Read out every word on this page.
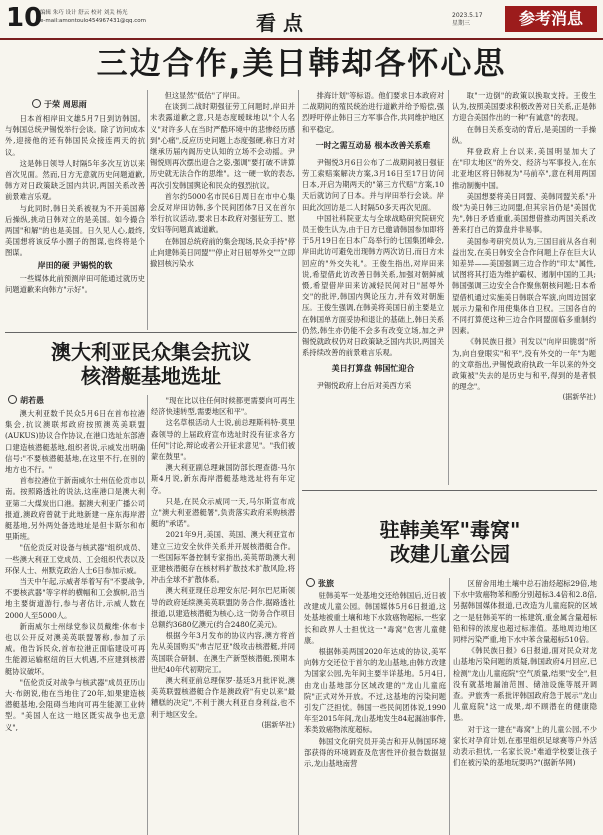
10
编辑 朱巧 设计 舒云 校对 刘关 杨光
e-mail:amontoulo454967431@qq.com	看点	2023.5.17
星期三	参考消息
三边合作,美日韩却各怀心思
于荣 周思雨

日本首相岸田文雄5月7日到访韩国。与韩国总统尹锡悦举行会谈。除了访问成本外,迎接他的还有韩国民众接连两天的抗议。

这是韩日领导人时隔5年多次互访以来首次见面。然而,日方无意就历史问题道歉,韩方对日政策缺乏国内共识,两国关系改善前景难言乐观。

与此同时,韩日关系被视为不开美国幕后操纵,挑动日韩对立的是美国。如今撮合两国"和解"的也是美国。日久见人心,最终,美国想将该反华小圈子的图谋,也终将是个图谋。

岸田的硬 尹锡悦的软

一些媒体此前预测岸田可能通过就历史问题道歉来向韩方"示好"。

但这显然"低估"了岸田。

在谈到二战时期强征劳工问题时,岸田并未表露道歉之意,只是态度暧昧地以"个人名义"对许多人在当时严酷环境中的悲惨经历感到"心痛",反应历史问题上态度强硬,称日方对继承历届内阁历史认知的立场不会动摇。尹锡悦则再次摆出迎合之姿,强调"要打破不讲算历史就无法合作的思维"。这一硬一软的表态,再次引发韩国舆论和民众的强烈抗议。

首尔约5000名市民6日周日在市中心集会反对岸田访韩,多个民间团体7日又在首尔举行抗议活动,要求日本政府对强征劳工、慰安妇等问题真诚道歉。

在韩国总统府前的集会现场,民众手持"停止向建韩美日同盟""停止对日屈辱外交""立即撤回核污染水

排海计划"等标语。他们要求日本政府对二战期间的殖民统治进行道歉并给予赔偿,强烈呼吁停止韩日三方军事合作,共同维护地区和平稳定。

一时之需互动易 根本改善关系难

尹锡悦3月6日公布了二战期间被日强征劳工索赔案解决方案,3月16日至17日访问日本,开启为期两天的"第三方代赔"方案,10天后就访问了日本。并与岸田举行会谈。岸田此次回访是二人时隔50多天再次见面。

中国社科院亚太与全球战略研究院研究员王俊生认为,由于日方已邀请韩国参加即将于5月19日在日本广岛举行的七国集团峰会,岸田此访可避免出现韩方两次访日,而日方未回应的"外交失礼"。王俊生指出,对岸田来说,希望借此访改善日韩关系,加强对朝鲜威慑,希望借岸田来访减轻民间对日"屈辱外交"的批评,韩国内舆论压力,并有效对朝施压。王俊生强调,在韩美将美国日前主要是立在韩国单方面妥协和退让的基础上,韩日关系仍然,韩生亦仍能不会多有改变立场,加之尹锡悦就政权仍对日政策缺乏国内共识,两国关系持续改善的前景难言乐观。

美日打算盘 韩国忙迎合

尹锡悦政府上台后对美西方采

取"一边倒"的政策以换取支持。王俊生认为,按照美国要求积极改善对日关系,正是韩方迎合美国作出的一种"有诚意"的表现。

在韩日关系变动的背后,是美国的一手操纵。

拜登政府上台以来,美国明显加大了在"印太地区"的外交、经济与军事投入,在东北亚地区将日韩视为"马前卒",意在利用两国推动制衡中国。

美国想要将美日同盟、美韩同盟关系"升级"为美日韩三边同盟,但其宗旨仍是"美国优先",韩日矛盾重重,美国想借推动两国关系改善来打自己的算盘并非易事。

美国参考研究员认为,三国目前从各自利益出发,在美日韩安全合作问题上存在巨大认知差异——美国强调三边合作的"印太"属性,试图将其打造为维护霸权、遏制中国的工具;韩国强调三边安全合作聚焦朝核问题;日本希望借机通过实施美日韩联合军演,向周边国家展示力量和作用使集体自卫权。三国各自的不同打算使这种三边合作同盟面临多重制约因素。

《韩民族日报》刊发以"向岸田脆弱"所为,向自登眼实"和平",没有外交的一年"为题的文章指出,尹锡悦政府执政一年以来的外交政策被"失去的是历史与和平,得到的是者恨的理念"。

(据新华社)
澳大利亚民众集会抗议
核潜艇基地选址
胡若愚

澳大利亚数千民众5月6日在首布拉港集会,抗议澳联邦政府按照澳英美联盟(AUKUS)协议合作协议,在港口选址东部港口建造核潜艇基地,组织者说,示威发出明确信号:"不要核潜艇基地,在这里不行,在别的地方也不行。"

首布拉港位于新南威尔士州伍伦贡市以南。按照路透社的说法,这座港口是澳大利亚第二大煤炭出口港。据澳大利亚广播公司报道,澳政府曾就于此地新建一座东海岸潜艇基地,另外两处备选地址是但卡斯尔和布里斯班。

"伍伦贡反对设备与核武器"组织成员、一些澳大利亚工党成员、工会组织代表以及环保人士、州默克政治人士6日参加示威。

当天中午起,示威者举着写有"不要战争,不要核武器"等字样的横幅和工会旗帜,沿当地主要街道游行,参与者估计,示威人数在2000人至5000人。

新南威尔士州绿党参议员戴维·休布卡也以公开反对澳美英联盟署称,参加了示威。他告诉民众,首布拉港正面临建设可再生能源运输枢纽的巨大机遇,不应建到核潜艇协议破坏。

"伍伦贡反对战争与核武器"成员亚历山大·布朗说,他在当地住了20年,如果建造核潜艇基地,会阻碍当地向可再生能源工业转型。"美国人在这一地区既实战争也无意义",

"现在比以往任何时候都更需要向可再生经济快速转型,需要地区和平"。

这名草根活动人士说,前总理斯科特·莫里森领导的上届政府宣布选址时没有征求各方任何"讨论,辩论或者公开征求意见"。"我们被蒙在鼓里"。

澳大利亚副总理兼国防部长理查德·马尔斯4月说,新东海岸潜艇基地选址将有年定夺。

只是,在民众示威同一天,马尔斯宣布成立"澳大利亚潜艇署",负责落实政府采购核潜艇的"承诺"。

2021年9月,美国、英国、澳大利亚宣布建立三边安全伙伴关系并开展核潜艇合作。一些国际军备控制专家指出,美英帮助澳大利亚建核潜艇存在核材料扩散技术扩散风险,将冲击全球不扩散体系。

澳大利亚现任总理安东尼·阿尔巴尼斯领导的政府延续澳美英联盟防务合作,据路透社报道,以建造核潜艇为核心,这一防务合作项目总额约3680亿澳元(约合2480亿美元)。

根据今年3月发布的协议内容,澳方将首先从美国购买"弗吉尼亚"级攻击核潜艇,并同英国联合研制、在澳生产新型核潜艇,预期本世纪40年代初期完工。

澳大利亚前总理保罗·基廷3月批评说,澳美英联盟核潜艇合作是澳政府"有史以来"最糟糕的决定",不利于澳大利亚自身利益,也不利于地区安全。

(据新华社)
驻韩美军"毒窝"
改建儿童公园
张旅

驻韩美军一处基地交还给韩国后,近日被改建成儿童公园。韩国媒体5月6日报道,这处基地被重土壤和地下水致癌物超标,一些家长和政界人士担忧这一"毒窝"危害儿童健康。

根据韩美两国2020年达成的协议,美军向韩方交还位于首尔的龙山基地,由韩方改建为国家公园,先年间主要半详基地。5月4日,由龙山基地部分区域改建的"龙山儿童庭院"正式对外开放。不过,这基地的污染问题引发广泛担忧。韩国一些民间团体说,1990年至2015年间,龙山基地发生84起漏油事件,苯类致癌物浓度超标。

韩国文化研究员开美吉和开从韩国环境部获得的环境调查及危害性评价报告数据显示,龙山基地南营

区留舍用地土壤中总石油烃超标29倍,地下水中致癌物苯和酚分别超标3.4倍和2.8倍,另据韩国媒体报道,已改造为儿童庭院的区域之一是驻韩美军的一栋建筑,重金属含量超标铅和锌的浓度也超过标准值。基地周边地区同样污染严重,地下水中苯含量超标510倍。

《韩民族日报》6日报道,面对民众对龙山基地污染问题的质疑,韩国政府4月回应,已检测"龙山儿童庭院"空气质量,结果"安全",但没有就基地漏油范围、储油设施等展开调查。尹旅秀一系批评韩国政府急于展示"龙山儿童庭院"这一成果,却不顾潜在的健康隐患。

对于这一建在"毒窝"上的儿童公园,不少家长对孕育计划,在那里组织足球赛等户外活动表示担忧,一名家长说:"难道学校要让孩子们在被污染的基地玩耍吗?"(据新华网)
